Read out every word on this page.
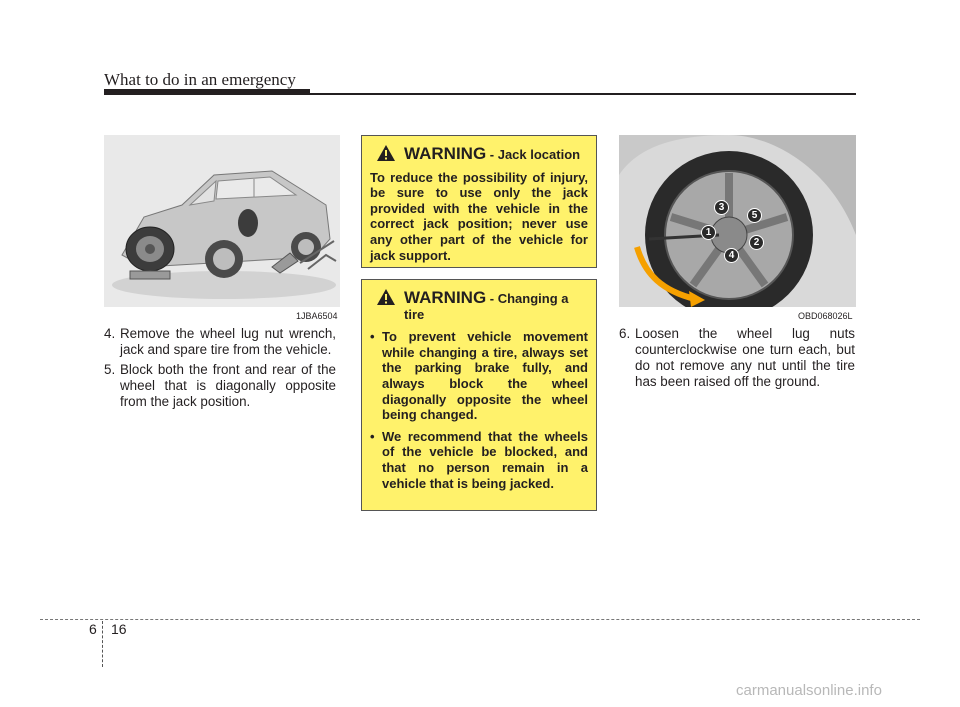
What to do in an emergency
1JBA6504
4. Remove the wheel lug nut wrench, jack and spare tire from the vehicle.
5. Block both the front and rear of the wheel that is diagonally opposite from the jack position.
WARNING - Jack location
To reduce the possibility of injury, be sure to use only the jack provided with the vehicle in the correct jack position; never use any other part of the vehicle for jack support.
WARNING - Changing a tire
• To prevent vehicle movement while changing a tire, always set the parking brake fully, and always block the wheel diagonally opposite the wheel being changed.
• We recommend that the wheels of the vehicle be blocked, and that no person remain in a vehicle that is being jacked.
1
2
3
4
5
OBD068026L
6. Loosen the wheel lug nuts counterclockwise one turn each, but do not remove any nut until the tire has been raised off the ground.
6 16
carmanualsonline.info
